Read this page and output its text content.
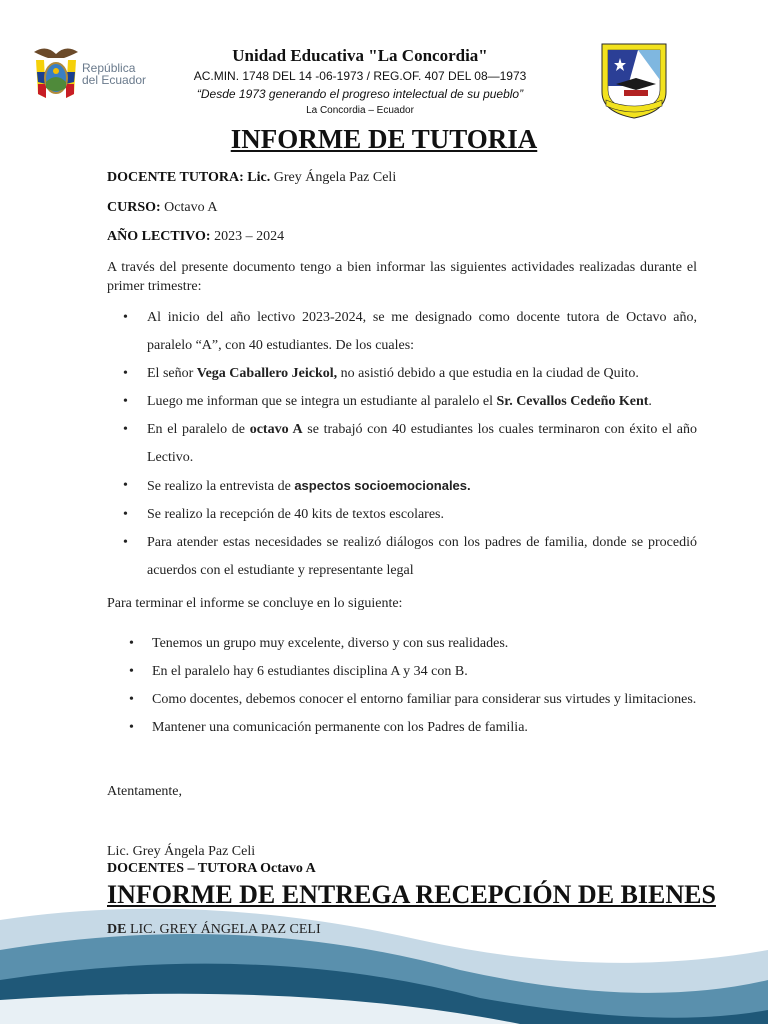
República
del Ecuador
Unidad Educativa "La Concordia"
AC.MIN. 1748 DEL 14 -06-1973 / REG.OF. 407 DEL 08—1973
“Desde 1973 generando el progreso intelectual de su pueblo”
La Concordia – Ecuador
INFORME DE TUTORIA
DOCENTE TUTORA: Lic. Grey Ángela Paz Celi
CURSO: Octavo A
AÑO LECTIVO: 2023 – 2024
A través del presente documento tengo a bien informar las siguientes actividades realizadas durante el primer trimestre:
• Al inicio del año lectivo 2023-2024, se me designado como docente tutora de Octavo año, paralelo “A”, con 40 estudiantes. De los cuales:
• El señor Vega Caballero Jeickol, no asistió debido a que estudia en la ciudad de Quito.
• Luego me informan que se integra un estudiante al paralelo el Sr. Cevallos Cedeño Kent.
• En el paralelo de octavo A se trabajó con 40 estudiantes los cuales terminaron con éxito el año Lectivo.
• Se realizo la entrevista de aspectos socioemocionales.
• Se realizo la recepción de 40 kits de textos escolares.
• Para atender estas necesidades se realizó diálogos con los padres de familia, donde se procedió acuerdos con el estudiante y representante legal
Para terminar el informe se concluye en lo siguiente:
• Tenemos un grupo muy excelente, diverso y con sus realidades.
• En el paralelo hay 6 estudiantes disciplina A y 34 con B.
• Como docentes, debemos conocer el entorno familiar para considerar sus virtudes y limitaciones.
• Mantener una comunicación permanente con los Padres de familia.
Atentamente,
Lic. Grey Ángela Paz Celi
DOCENTES – TUTORA Octavo A
INFORME DE ENTREGA RECEPCIÓN DE BIENES
DE LIC. GREY ÁNGELA PAZ CELI
